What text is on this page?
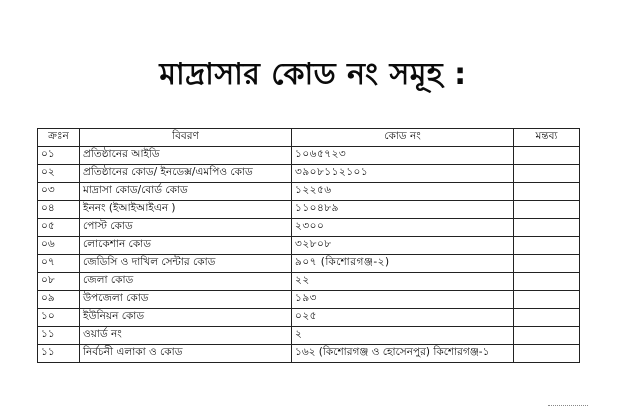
মাদ্রাসার কোড নং সমূহ :
ক্রঃন	বিবরণ	কোড নং	মন্তব্য
০১	প্রতিষ্ঠানের আইডি	১০৬৫৭২৩	
০২	প্রতিষ্ঠানের কোড/ ইনডেক্স/এমপিও কোড	৩৯০৮১১২১০১	
০৩	মাদ্রাসা কোড/বোর্ড কোড	১২২৫৬	
০৪	ইননং (ইআইআইএন )	১১০৪৮৯	
০৫	পোস্ট কোড	২৩০০	
০৬	লোকেশান কোড	৩২৮০৮	
০৭	জেডিসি ও দাখিল সেন্টার কোড	৯০৭ (কিশোরগঞ্জ-২)	
০৮	জেলা কোড	২২	
০৯	উপজেলা কোড	১৯৩	
১০	ইউনিয়ন কোড	০২৫	
১১	ওয়ার্ড নং	২	
১১	নির্বচনী এলাকা ও কোড	১৬২ (কিশোরগঞ্জ ও হোসেনপুর) কিশোরগঞ্জ-১	
